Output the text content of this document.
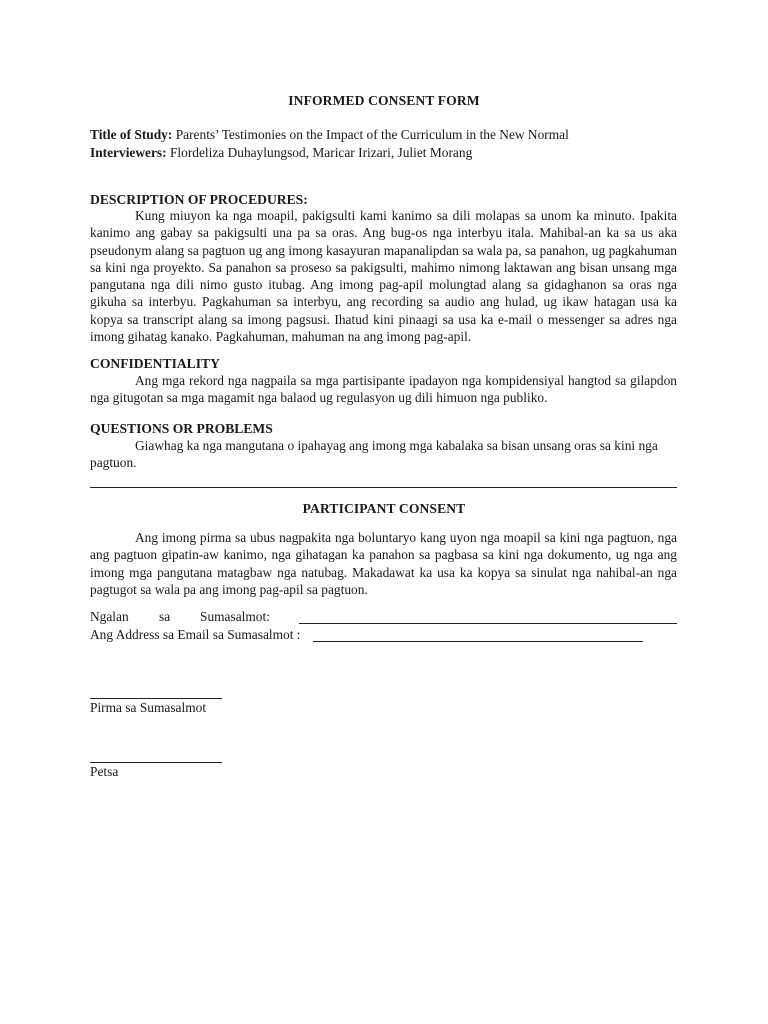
INFORMED CONSENT FORM
Title of Study: Parents’ Testimonies on the Impact of the Curriculum in the New Normal
Interviewers: Flordeliza Duhaylungsod, Maricar Irizari, Juliet Morang
DESCRIPTION OF PROCEDURES:
Kung miuyon ka nga moapil, pakigsulti kami kanimo sa dili molapas sa unom ka minuto. Ipakita kanimo ang gabay sa pakigsulti una pa sa oras. Ang bug-os nga interbyu itala. Mahibal-an ka sa us aka pseudonym alang sa pagtuon ug ang imong kasayuran mapanalipdan sa wala pa, sa panahon, ug pagkahuman sa kini nga proyekto. Sa panahon sa proseso sa pakigsulti, mahimo nimong laktawan ang bisan unsang mga pangutana nga dili nimo gusto itubag. Ang imong pag-apil molungtad alang sa gidaghanon sa oras nga gikuha sa interbyu. Pagkahuman sa interbyu, ang recording sa audio ang hulad, ug ikaw hatagan usa ka kopya sa transcript alang sa imong pagsusi. Ihatud kini pinaagi sa usa ka e-mail o messenger sa adres nga imong gihatag kanako. Pagkahuman, mahuman na ang imong pag-apil.
CONFIDENTIALITY
Ang mga rekord nga nagpaila sa mga partisipante ipadayon nga kompidensiyal hangtod sa gilapdon nga gitugotan sa mga magamit nga balaod ug regulasyon ug dili himuon nga publiko.
QUESTIONS OR PROBLEMS
Giawhag ka nga mangutana o ipahayag ang imong mga kabalaka sa bisan unsang oras sa kini nga pagtuon.
PARTICIPANT CONSENT
Ang imong pirma sa ubus nagpakita nga boluntaryo kang uyon nga moapil sa kini nga pagtuon, nga ang pagtuon gipatin-aw kanimo, nga gihatagan ka panahon sa pagbasa sa kini nga dokumento, ug nga ang imong mga pangutana matagbaw nga natubag. Makadawat ka usa ka kopya sa sinulat nga nahibal-an nga pagtugot sa wala pa ang imong pag-apil sa pagtuon.
Ngalan sa Sumasalmot:
Ang Address sa Email sa Sumasalmot :
Pirma sa Sumasalmot
Petsa
